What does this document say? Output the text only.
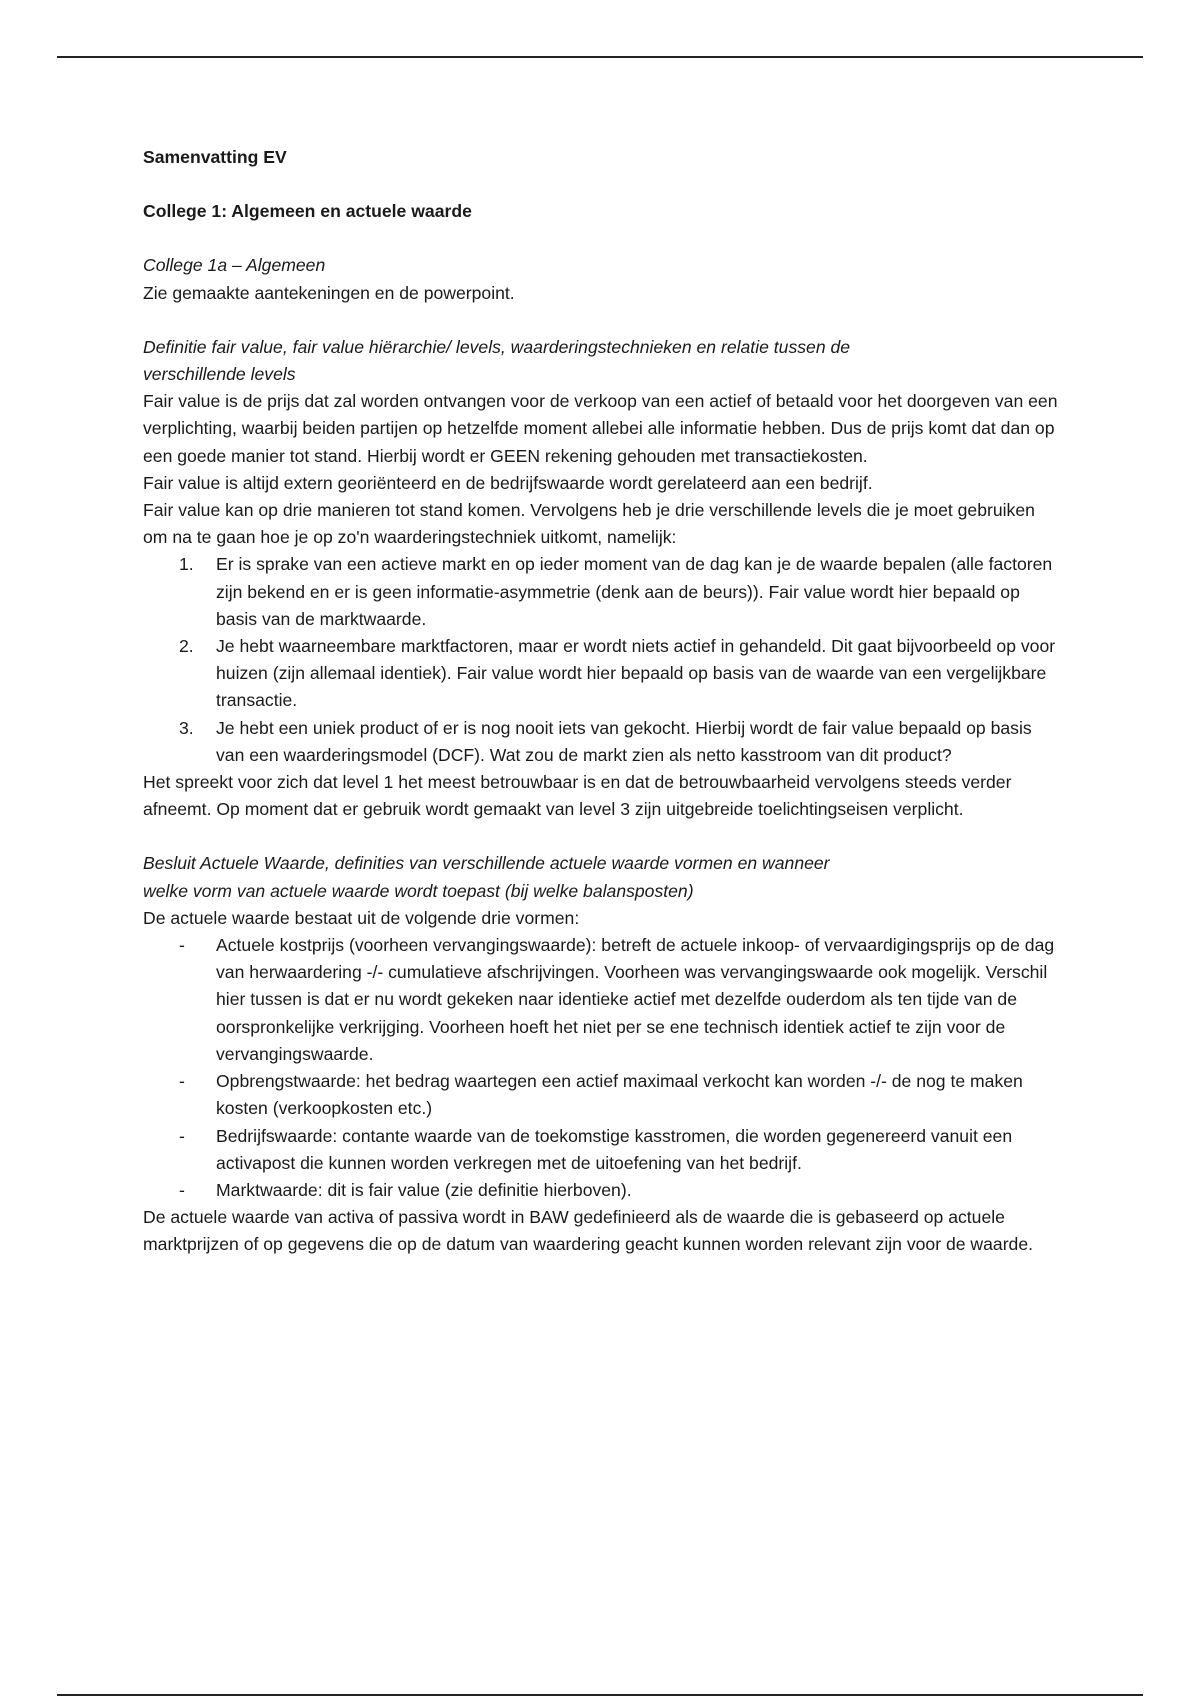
Samenvatting EV

College 1: Algemeen en actuele waarde

College 1a – Algemeen

Zie gemaakte aantekeningen en de powerpoint.

Definitie fair value, fair value hiërarchie/ levels, waarderingstechnieken en relatie tussen de verschillende levels

Fair value is de prijs dat zal worden ontvangen voor de verkoop van een actief of betaald voor het doorgeven van een verplichting, waarbij beiden partijen op hetzelfde moment allebei alle informatie hebben. Dus de prijs komt dat dan op een goede manier tot stand. Hierbij wordt er GEEN rekening gehouden met transactiekosten.

Fair value is altijd extern georiënteerd en de bedrijfswaarde wordt gerelateerd aan een bedrijf.

Fair value kan op drie manieren tot stand komen. Vervolgens heb je drie verschillende levels die je moet gebruiken om na te gaan hoe je op zo'n waarderingstechniek uitkomt, namelijk:

1.	Er is sprake van een actieve markt en op ieder moment van de dag kan je de waarde bepalen (alle factoren zijn bekend en er is geen informatie-asymmetrie (denk aan de beurs)). Fair value wordt hier bepaald op basis van de marktwaarde.
2.	Je hebt waarneembare marktfactoren, maar er wordt niets actief in gehandeld. Dit gaat bijvoorbeeld op voor huizen (zijn allemaal identiek). Fair value wordt hier bepaald op basis van de waarde van een vergelijkbare transactie.
3.	Je hebt een uniek product of er is nog nooit iets van gekocht. Hierbij wordt de fair value bepaald op basis van een waarderingsmodel (DCF). Wat zou de markt zien als netto kasstroom van dit product?

Het spreekt voor zich dat level 1 het meest betrouwbaar is en dat de betrouwbaarheid vervolgens steeds verder afneemt. Op moment dat er gebruik wordt gemaakt van level 3 zijn uitgebreide toelichtingseisen verplicht.

Besluit Actuele Waarde, definities van verschillende actuele waarde vormen en wanneer

welke vorm van actuele waarde wordt toepast (bij welke balansposten)

De actuele waarde bestaat uit de volgende drie vormen:

-	Actuele kostprijs (voorheen vervangingswaarde): betreft de actuele inkoop- of vervaardigingsprijs op de dag van herwaardering -/- cumulatieve afschrijvingen. Voorheen was vervangingswaarde ook mogelijk. Verschil hier tussen is dat er nu wordt gekeken naar identieke actief met dezelfde ouderdom als ten tijde van de oorspronkelijke verkrijging. Voorheen hoeft het niet per se ene technisch identiek actief te zijn voor de vervangingswaarde.
-	Opbrengstwaarde: het bedrag waartegen een actief maximaal verkocht kan worden -/- de nog te maken kosten (verkoopkosten etc.)
-	Bedrijfswaarde: contante waarde van de toekomstige kasstromen, die worden gegenereerd vanuit een activapost die kunnen worden verkregen met de uitoefening van het bedrijf.
-	Marktwaarde: dit is fair value (zie definitie hierboven).

De actuele waarde van activa of passiva wordt in BAW gedefinieerd als de waarde die is gebaseerd op actuele marktprijzen of op gegevens die op de datum van waardering geacht kunnen worden relevant zijn voor de waarde.
